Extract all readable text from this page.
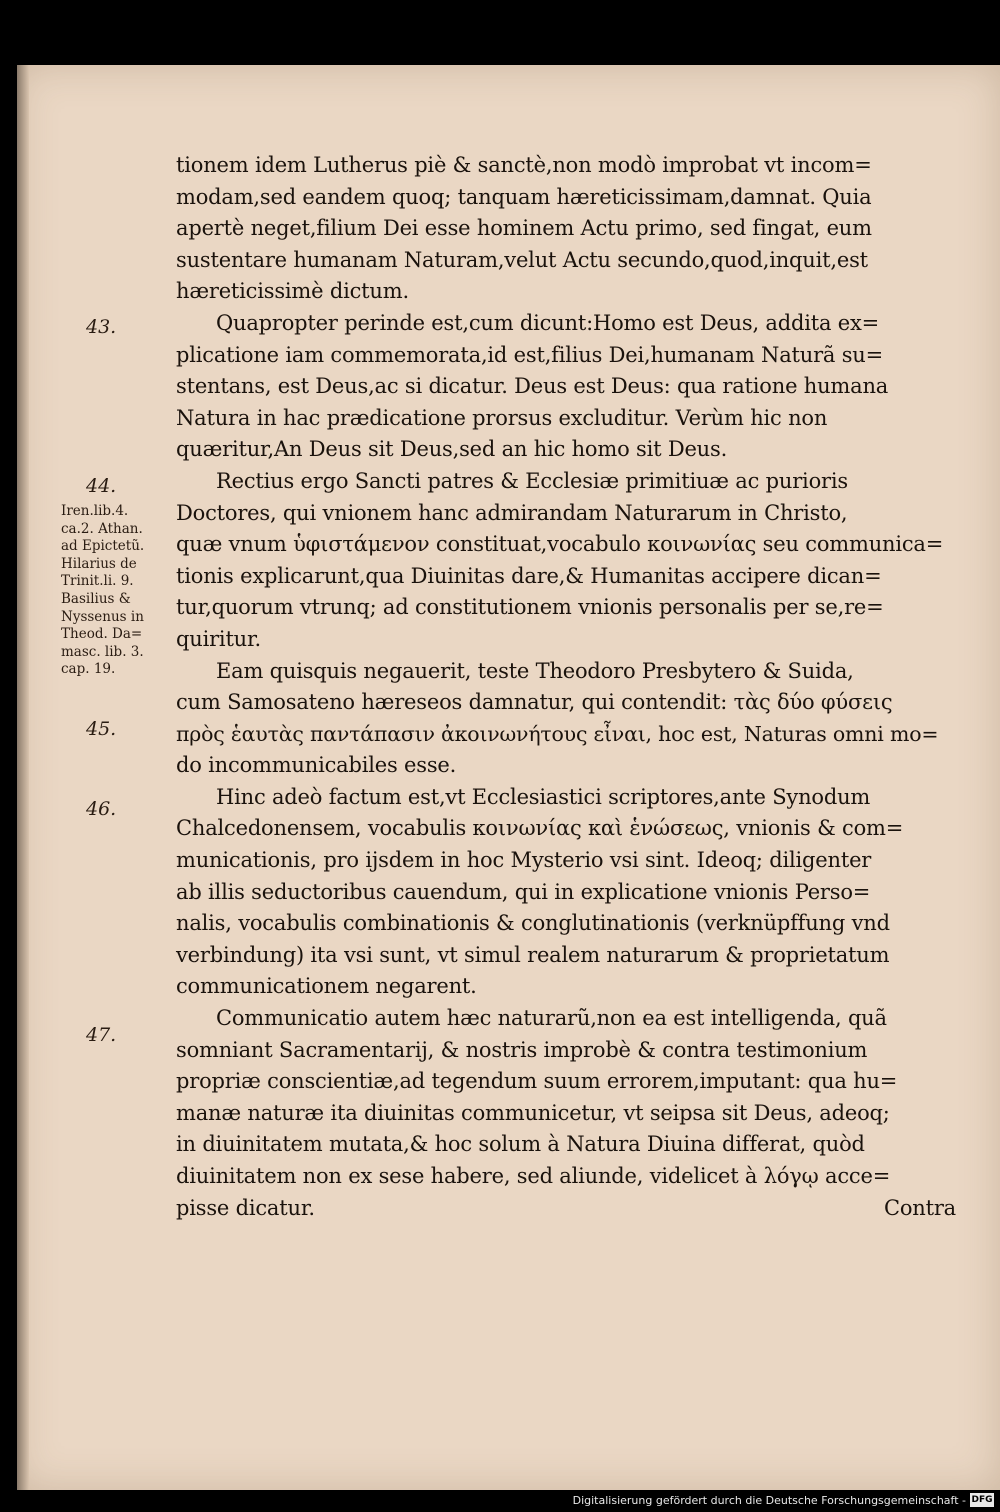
tionem idem Lutherus piè & sanctè,non modò improbat vt incom=
modam,sed eandem quoq; tanquam hæreticissimam,damnat. Quia
apertè neget,filium Dei esse hominem Actu primo, sed fingat, eum
sustentare humanam Naturam,velut Actu secundo,quod,inquit,est
hæreticissimè dictum.
Quapropter perinde est,cum dicunt:Homo est Deus, addita ex=
plicatione iam commemorata,id est,filius Dei,humanam Naturã su=
stentans, est Deus,ac si dicatur. Deus est Deus: qua ratione humana
Natura in hac prædicatione prorsus excluditur. Verùm hic non
quæritur,An Deus sit Deus,sed an hic homo sit Deus.
Rectius ergo Sancti patres & Ecclesiæ primitiuæ ac purioris
Doctores, qui vnionem hanc admirandam Naturarum in Christo,
quæ vnum ὑφιστάμενον constituat,vocabulo κοινωνίας seu communica=
tionis explicarunt,qua Diuinitas dare,& Humanitas accipere dican=
tur,quorum vtrunq; ad constitutionem vnionis personalis per se,re=
quiritur.
Eam quisquis negauerit, teste Theodoro Presbytero & Suida,
cum Samosateno hæreseos damnatur, qui contendit: τὰς δύο φύσεις
πρὸς ἑαυτὰς παντάπασιν ἀκοινωνήτους εἶναι, hoc est, Naturas omni mo=
do incommunicabiles esse.
Hinc adeò factum est,vt Ecclesiastici scriptores,ante Synodum
Chalcedonensem, vocabulis κοινωνίας καὶ ἑνώσεως, vnionis & com=
municationis, pro ijsdem in hoc Mysterio vsi sint. Ideoq; diligenter
ab illis seductoribus cauendum, qui in explicatione vnionis Perso=
nalis, vocabulis combinationis & conglutinationis (verknüpffung vnd
verbindung) ita vsi sunt, vt simul realem naturarum & proprietatum
communicationem negarent.
Communicatio autem hæc naturarũ,non ea est intelligenda, quã
somniant Sacramentarij, & nostris improbè & contra testimonium
propriæ conscientiæ,ad tegendum suum errorem,imputant: qua hu=
manæ naturæ ita diuinitas communicetur, vt seipsa sit Deus, adeoq;
in diuinitatem mutata,& hoc solum à Natura Diuina differat, quòd
diuinitatem non ex sese habere, sed aliunde, videlicet à λόγῳ acce=
pisse dicatur.	Contra
43.
44.
45.
46.
47.
Iren.lib.4.
ca.2. Athan.
ad Epictetũ.
Hilarius de
Trinit.li. 9.
Basilius &
Nyssenus in
Theod. Da=
masc. lib. 3.
cap. 19.
Digitalisierung gefördert durch die Deutsche Forschungsgemeinschaft - DFG
